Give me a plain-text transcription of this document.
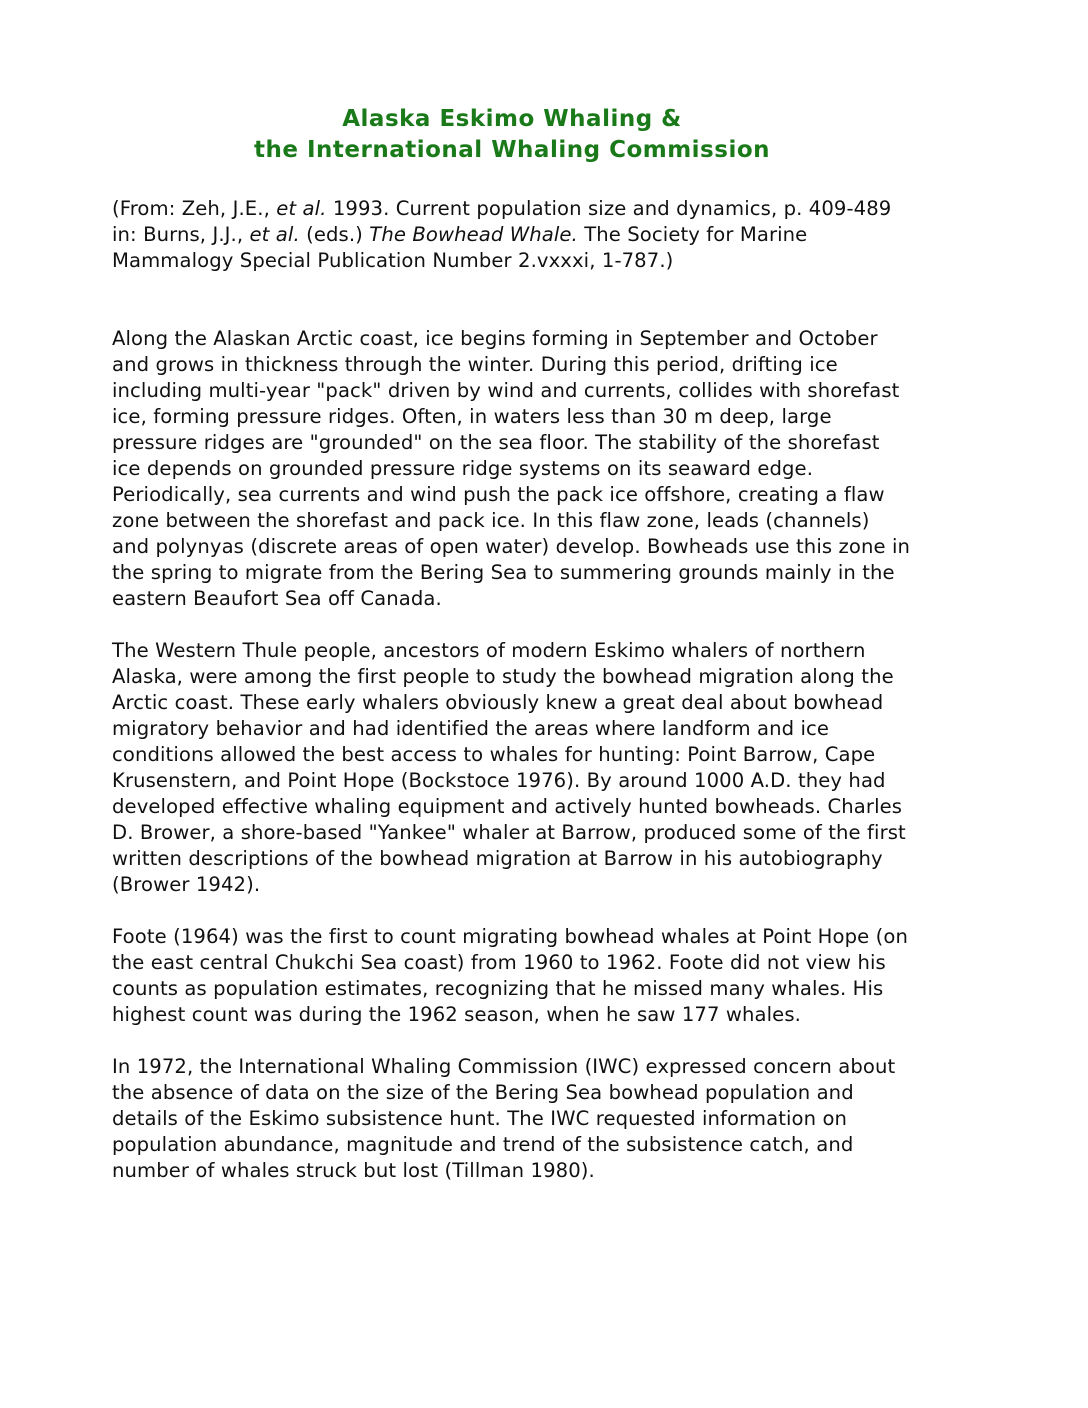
Alaska Eskimo Whaling &
the International Whaling Commission

(From: Zeh, J.E., et al. 1993. Current population size and dynamics, p. 409-489 in: Burns, J.J., et al. (eds.) The Bowhead Whale. The Society for Marine Mammalogy Special Publication Number 2.vxxxi, 1-787.)

Along the Alaskan Arctic coast, ice begins forming in September and October and grows in thickness through the winter. During this period, drifting ice including multi-year "pack" driven by wind and currents, collides with shorefast ice, forming pressure ridges. Often, in waters less than 30 m deep, large pressure ridges are "grounded" on the sea floor. The stability of the shorefast ice depends on grounded pressure ridge systems on its seaward edge. Periodically, sea currents and wind push the pack ice offshore, creating a flaw zone between the shorefast and pack ice. In this flaw zone, leads (channels) and polynyas (discrete areas of open water) develop. Bowheads use this zone in the spring to migrate from the Bering Sea to summering grounds mainly in the eastern Beaufort Sea off Canada.

The Western Thule people, ancestors of modern Eskimo whalers of northern Alaska, were among the first people to study the bowhead migration along the Arctic coast. These early whalers obviously knew a great deal about bowhead migratory behavior and had identified the areas where landform and ice conditions allowed the best access to whales for hunting: Point Barrow, Cape Krusenstern, and Point Hope (Bockstoce 1976). By around 1000 A.D. they had developed effective whaling equipment and actively hunted bowheads. Charles D. Brower, a shore-based "Yankee" whaler at Barrow, produced some of the first written descriptions of the bowhead migration at Barrow in his autobiography (Brower 1942).

Foote (1964) was the first to count migrating bowhead whales at Point Hope (on the east central Chukchi Sea coast) from 1960 to 1962. Foote did not view his counts as population estimates, recognizing that he missed many whales. His highest count was during the 1962 season, when he saw 177 whales.

In 1972, the International Whaling Commission (IWC) expressed concern about the absence of data on the size of the Bering Sea bowhead population and details of the Eskimo subsistence hunt. The IWC requested information on population abundance, magnitude and trend of the subsistence catch, and number of whales struck but lost (Tillman 1980).
